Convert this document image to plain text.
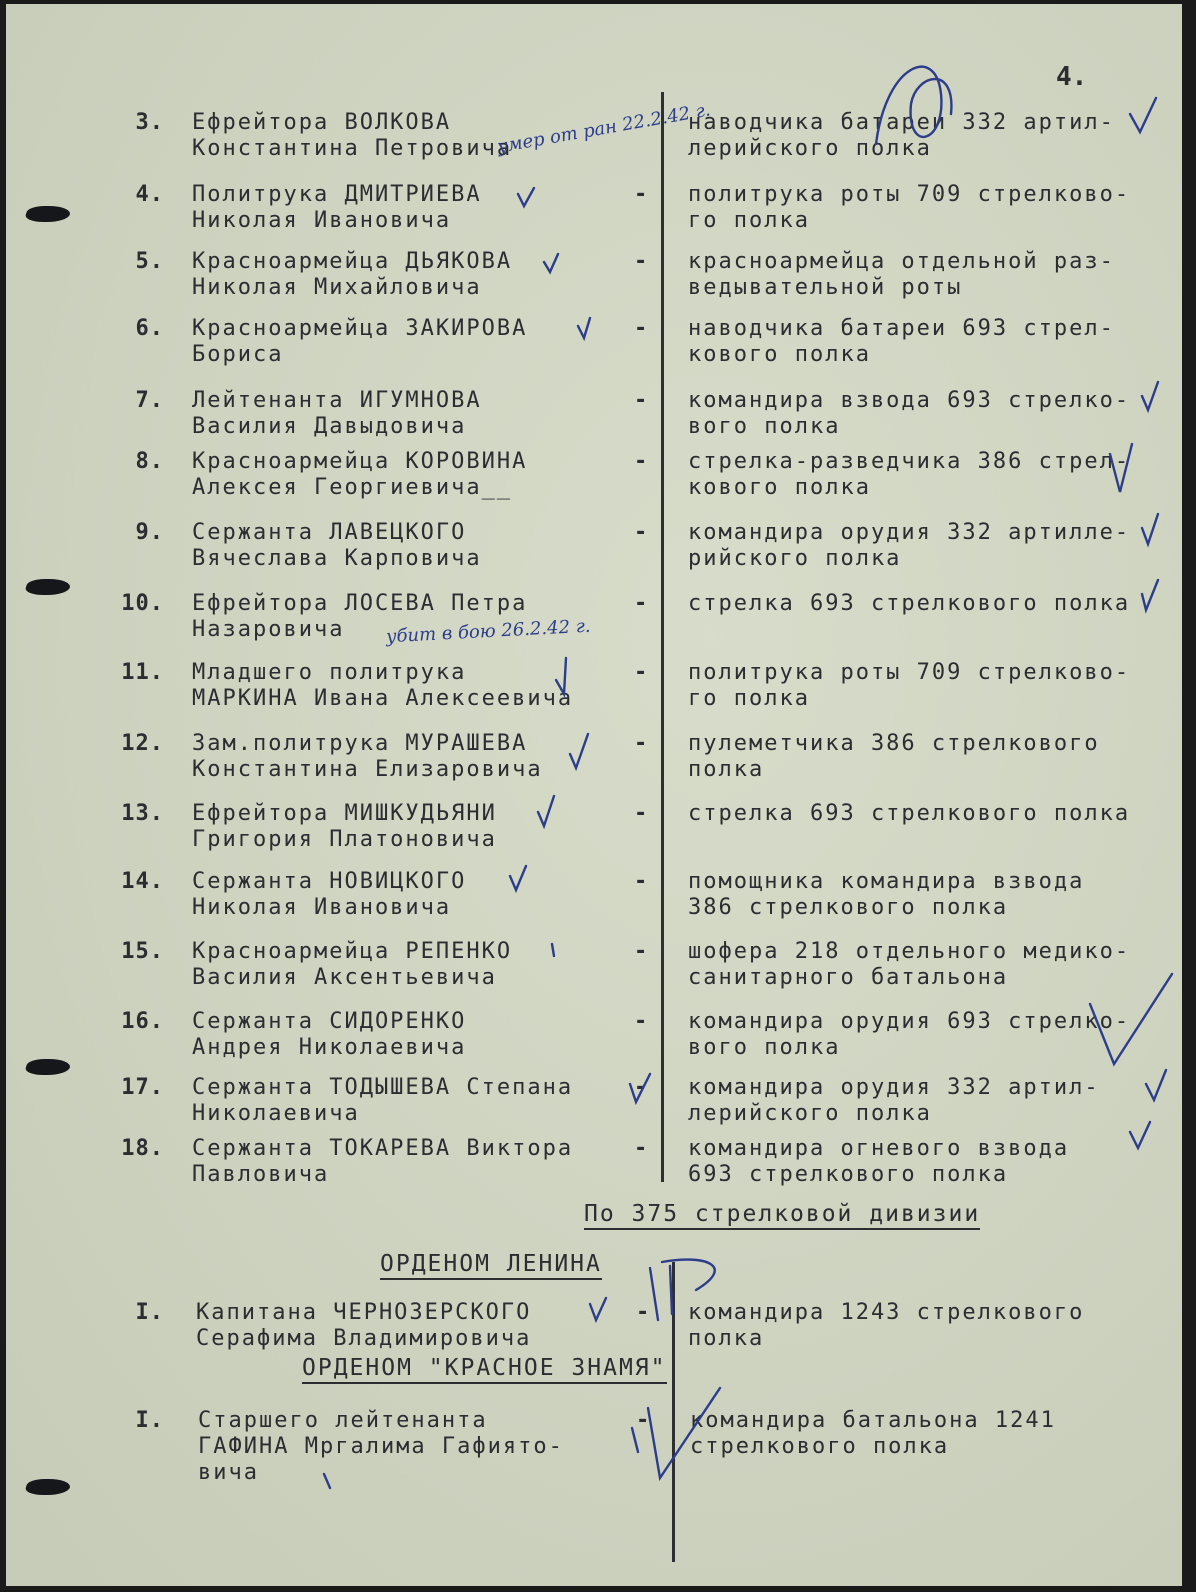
4.
3. Ефрейтора ВОЛКОВА
Константина Петровича
умер от ран 22.2.42 г.
наводчика батареи 332 артил-
лерийского полка
4. Политрука ДМИТРИЕВА
Николая Ивановича
- политрука роты 709 стрелково-
го полка
5. Красноармейца ДЬЯКОВА
Николая Михайловича
- красноармейца отдельной раз-
ведывательной роты
6. Красноармейца ЗАКИРОВА
Бориса
- наводчика батареи 693 стрел-
кового полка
7. Лейтенанта ИГУМНОВА
Василия Давыдовича
- командира взвода 693 стрелко-
вого полка
8. Красноармейца КОРОВИНА
Алексея Георгиевича__
- стрелка-разведчика 386 стрел-
кового полка
9. Сержанта ЛАВЕЦКОГО
Вячеслава Карповича
- командира орудия 332 артилле-
рийского полка
10. Ефрейтора ЛОСЕВА Петра
Назаровича убит в бою 26.2.42 г.
- стрелка 693 стрелкового полка
11. Младшего политрука
МАРКИНА Ивана Алексеевича
- политрука роты 709 стрелково-
го полка
12. Зам.политрука МУРАШЕВА
Константина Елизаровича
- пулеметчика 386 стрелкового
полка
13. Ефрейтора МИШКУДЬЯНИ
Григория Платоновича
- стрелка 693 стрелкового полка
14. Сержанта НОВИЦКОГО
Николая Ивановича
- помощника командира взвода
386 стрелкового полка
15. Красноармейца РЕПЕНКО
Василия Аксентьевича
- шофера 218 отдельного медико-
санитарного батальона
16. Сержанта СИДОРЕНКО
Андрея Николаевича
- командира орудия 693 стрелко-
вого полка
17. Сержанта ТОДЫШЕВА Степана
Николаевича
- командира орудия 332 артил-
лерийского полка
18. Сержанта ТОКАРЕВА Виктора
Павловича
- командира огневого взвода
693 стрелкового полка
По 375 стрелковой дивизии
ОРДЕНОМ ЛЕНИНА
I. Капитана ЧЕРНОЗЕРСКОГО
Серафима Владимировича
- командира 1243 стрелкового
полка
ОРДЕНОМ "КРАСНОЕ ЗНАМЯ"
I. Старшего лейтенанта
ГАФИНА Мргалима Гафиято-
вича
- командира батальона 1241
стрелкового полка
